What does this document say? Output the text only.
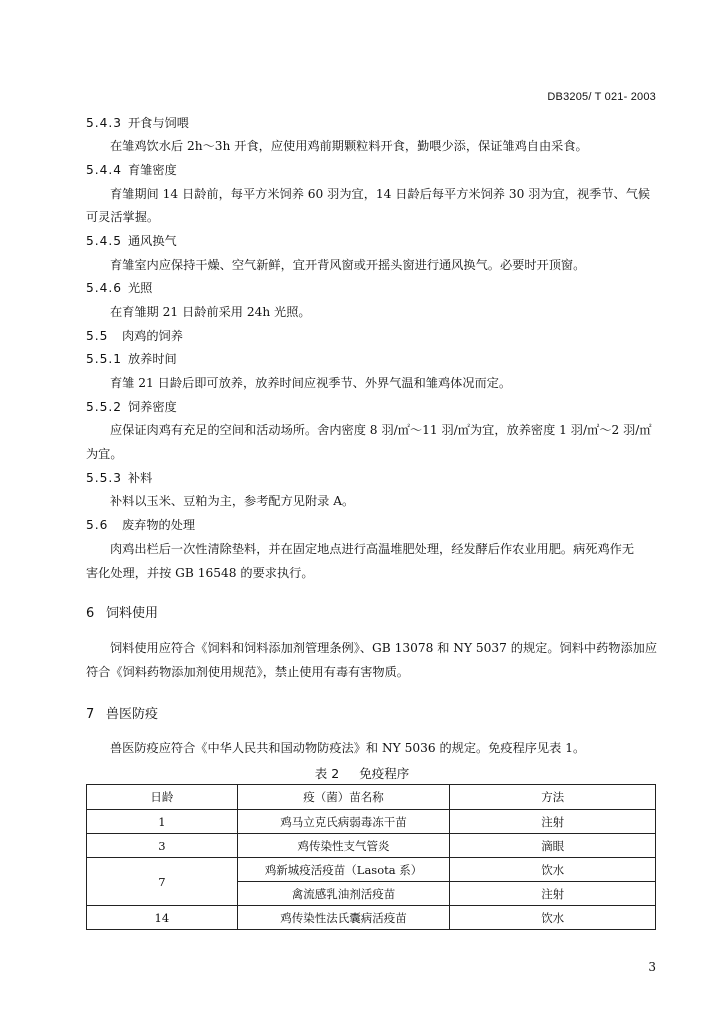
DB3205/ T 021- 2003
5.4.3 开食与饲喂
在雏鸡饮水后 2h～3h 开食，应使用鸡前期颗粒料开食，勤喂少添，保证雏鸡自由采食。
5.4.4 育雏密度
育雏期间 14 日龄前，每平方米饲养 60 羽为宜，14 日龄后每平方米饲养 30 羽为宜，视季节、气候
可灵活掌握。
5.4.5 通风换气
育雏室内应保持干燥、空气新鲜，宜开背风窗或开摇头窗进行通风换气。必要时开顶窗。
5.4.6 光照
在育雏期 21 日龄前采用 24h 光照。
5.5 肉鸡的饲养
5.5.1 放养时间
育雏 21 日龄后即可放养，放养时间应视季节、外界气温和雏鸡体况而定。
5.5.2 饲养密度
应保证肉鸡有充足的空间和活动场所。舍内密度 8 羽/㎡～11 羽/㎡为宜，放养密度 1 羽/㎡～2 羽/㎡
为宜。
5.5.3 补料
补料以玉米、豆粕为主，参考配方见附录 A。
5.6 废弃物的处理
肉鸡出栏后一次性清除垫料，并在固定地点进行高温堆肥处理，经发酵后作农业用肥。病死鸡作无
害化处理，并按 GB 16548 的要求执行。
6 饲料使用
饲料使用应符合《饲料和饲料添加剂管理条例》、GB 13078 和 NY 5037 的规定。饲料中药物添加应
符合《饲料药物添加剂使用规范》，禁止使用有毒有害物质。
7 兽医防疫
兽医防疫应符合《中华人民共和国动物防疫法》和 NY 5036 的规定。免疫程序见表 1。
表 2 免疫程序
日龄	疫（菌）苗名称	方法
1	鸡马立克氏病弱毒冻干苗	注射
3	鸡传染性支气管炎	滴眼
7	鸡新城疫活疫苗（Lasota 系）	饮水
	禽流感乳油剂活疫苗	注射
14	鸡传染性法氏囊病活疫苗	饮水
3
